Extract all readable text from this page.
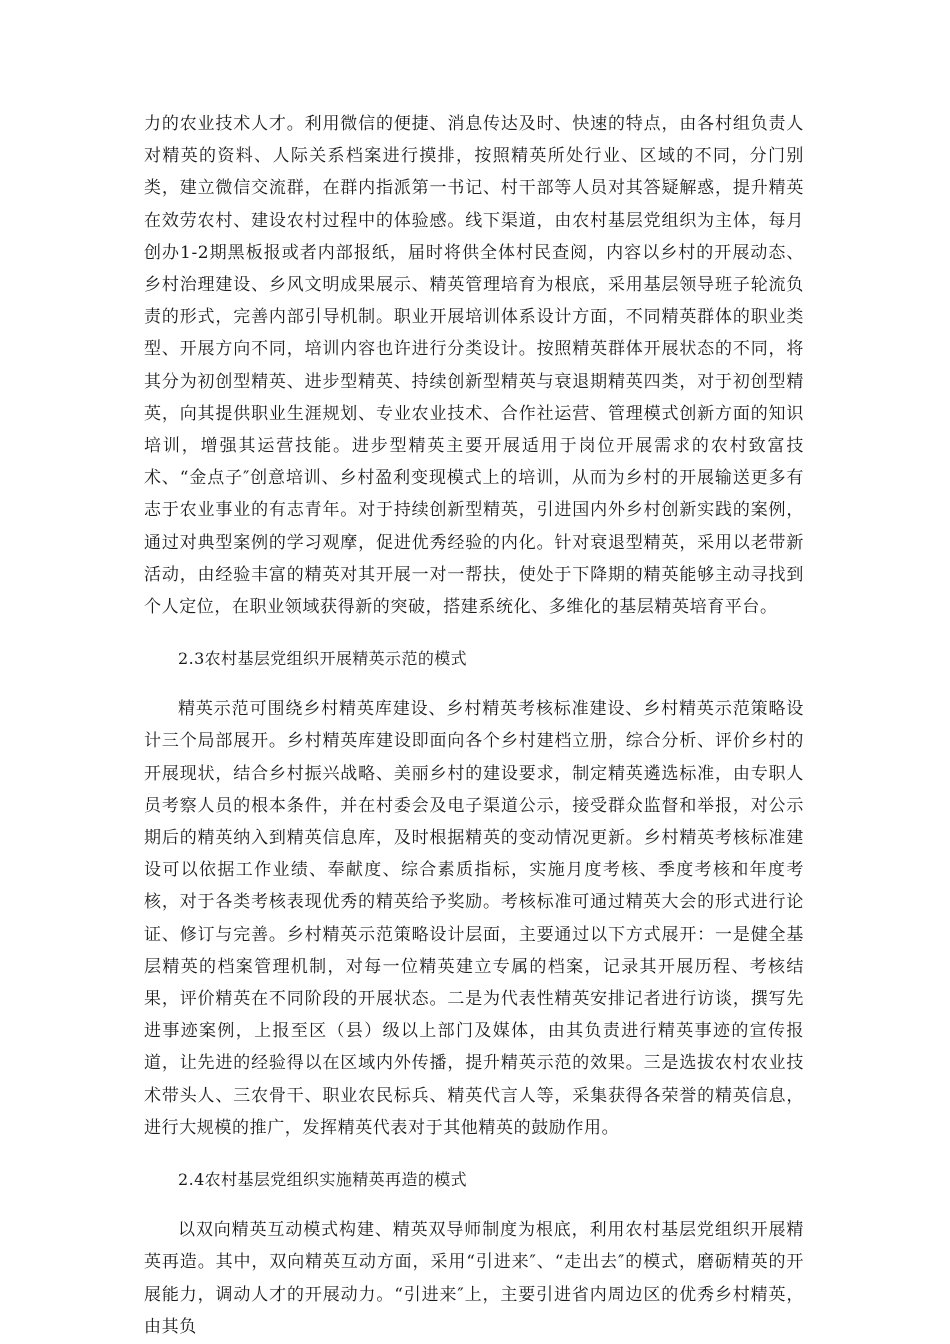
力的农业技术人才。利用微信的便捷、消息传达及时、快速的特点，由各村组负责人对精英的资料、人际关系档案进行摸排，按照精英所处行业、区域的不同，分门别类，建立微信交流群，在群内指派第一书记、村干部等人员对其答疑解惑，提升精英在效劳农村、建设农村过程中的体验感。线下渠道，由农村基层党组织为主体，每月创办1-2期黑板报或者内部报纸，届时将供全体村民查阅，内容以乡村的开展动态、乡村治理建设、乡风文明成果展示、精英管理培育为根底，采用基层领导班子轮流负责的形式，完善内部引导机制。职业开展培训体系设计方面，不同精英群体的职业类型、开展方向不同，培训内容也许进行分类设计。按照精英群体开展状态的不同，将其分为初创型精英、进步型精英、持续创新型精英与衰退期精英四类，对于初创型精英，向其提供职业生涯规划、专业农业技术、合作社运营、管理模式创新方面的知识培训，增强其运营技能。进步型精英主要开展适用于岗位开展需求的农村致富技术、“金点子″创意培训、乡村盈利变现模式上的培训，从而为乡村的开展输送更多有志于农业事业的有志青年。对于持续创新型精英，引进国内外乡村创新实践的案例，通过对典型案例的学习观摩，促进优秀经验的内化。针对衰退型精英，采用以老带新活动，由经验丰富的精英对其开展一对一帮扶，使处于下降期的精英能够主动寻找到个人定位，在职业领域获得新的突破，搭建系统化、多维化的基层精英培育平台。

2.3农村基层党组织开展精英示范的模式

精英示范可围绕乡村精英库建设、乡村精英考核标准建设、乡村精英示范策略设计三个局部展开。乡村精英库建设即面向各个乡村建档立册，综合分析、评价乡村的开展现状，结合乡村振兴战略、美丽乡村的建设要求，制定精英遴选标准，由专职人员考察人员的根本条件，并在村委会及电子渠道公示，接受群众监督和举报，对公示期后的精英纳入到精英信息库，及时根据精英的变动情况更新。乡村精英考核标准建设可以依据工作业绩、奉献度、综合素质指标，实施月度考核、季度考核和年度考核，对于各类考核表现优秀的精英给予奖励。考核标准可通过精英大会的形式进行论证、修订与完善。乡村精英示范策略设计层面，主要通过以下方式展开：一是健全基层精英的档案管理机制，对每一位精英建立专属的档案，记录其开展历程、考核结果，评价精英在不同阶段的开展状态。二是为代表性精英安排记者进行访谈，撰写先进事迹案例，上报至区（县）级以上部门及媒体，由其负责进行精英事迹的宣传报道，让先进的经验得以在区域内外传播，提升精英示范的效果。三是选拔农村农业技术带头人、三农骨干、职业农民标兵、精英代言人等，采集获得各荣誉的精英信息，进行大规模的推广，发挥精英代表对于其他精英的鼓励作用。

2.4农村基层党组织实施精英再造的模式

以双向精英互动模式构建、精英双导师制度为根底，利用农村基层党组织开展精英再造。其中，双向精英互动方面，采用“引进来″、“走出去″的模式，磨砺精英的开展能力，调动人才的开展动力。“引进来″上，主要引进省内周边区的优秀乡村精英，由其负
